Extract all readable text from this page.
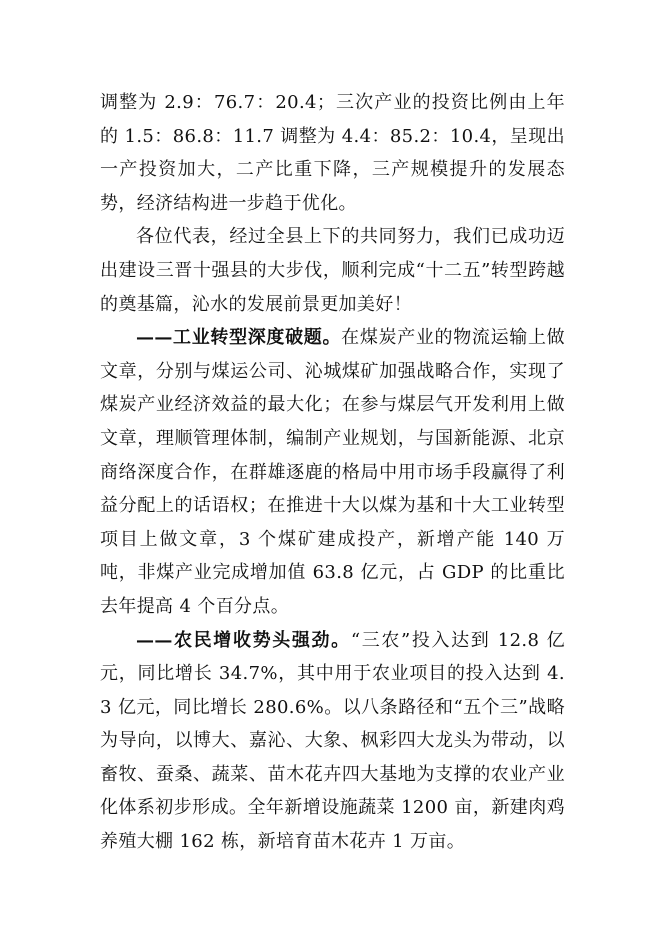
调整为 2.9：76.7：20.4；三次产业的投资比例由上年的 1.5：86.8：11.7 调整为 4.4：85.2：10.4，呈现出一产投资加大，二产比重下降，三产规模提升的发展态势，经济结构进一步趋于优化。

各位代表，经过全县上下的共同努力，我们已成功迈出建设三晋十强县的大步伐，顺利完成“十二五”转型跨越的奠基篇，沁水的发展前景更加美好！

——工业转型深度破题。在煤炭产业的物流运输上做文章，分别与煤运公司、沁城煤矿加强战略合作，实现了煤炭产业经济效益的最大化；在参与煤层气开发利用上做文章，理顺管理体制，编制产业规划，与国新能源、北京商络深度合作，在群雄逐鹿的格局中用市场手段赢得了利益分配上的话语权；在推进十大以煤为基和十大工业转型项目上做文章，3 个煤矿建成投产，新增产能 140 万吨，非煤产业完成增加值 63.8 亿元，占 GDP 的比重比去年提高 4 个百分点。

——农民增收势头强劲。“三农”投入达到 12.8 亿元，同比增长 34.7%，其中用于农业项目的投入达到 4.3 亿元，同比增长 280.6%。以八条路径和“五个三”战略为导向，以博大、嘉沁、大象、枫彩四大龙头为带动，以畜牧、蚕桑、蔬菜、苗木花卉四大基地为支撑的农业产业化体系初步形成。全年新增设施蔬菜 1200 亩，新建肉鸡养殖大棚 162 栋，新培育苗木花卉 1 万亩。
